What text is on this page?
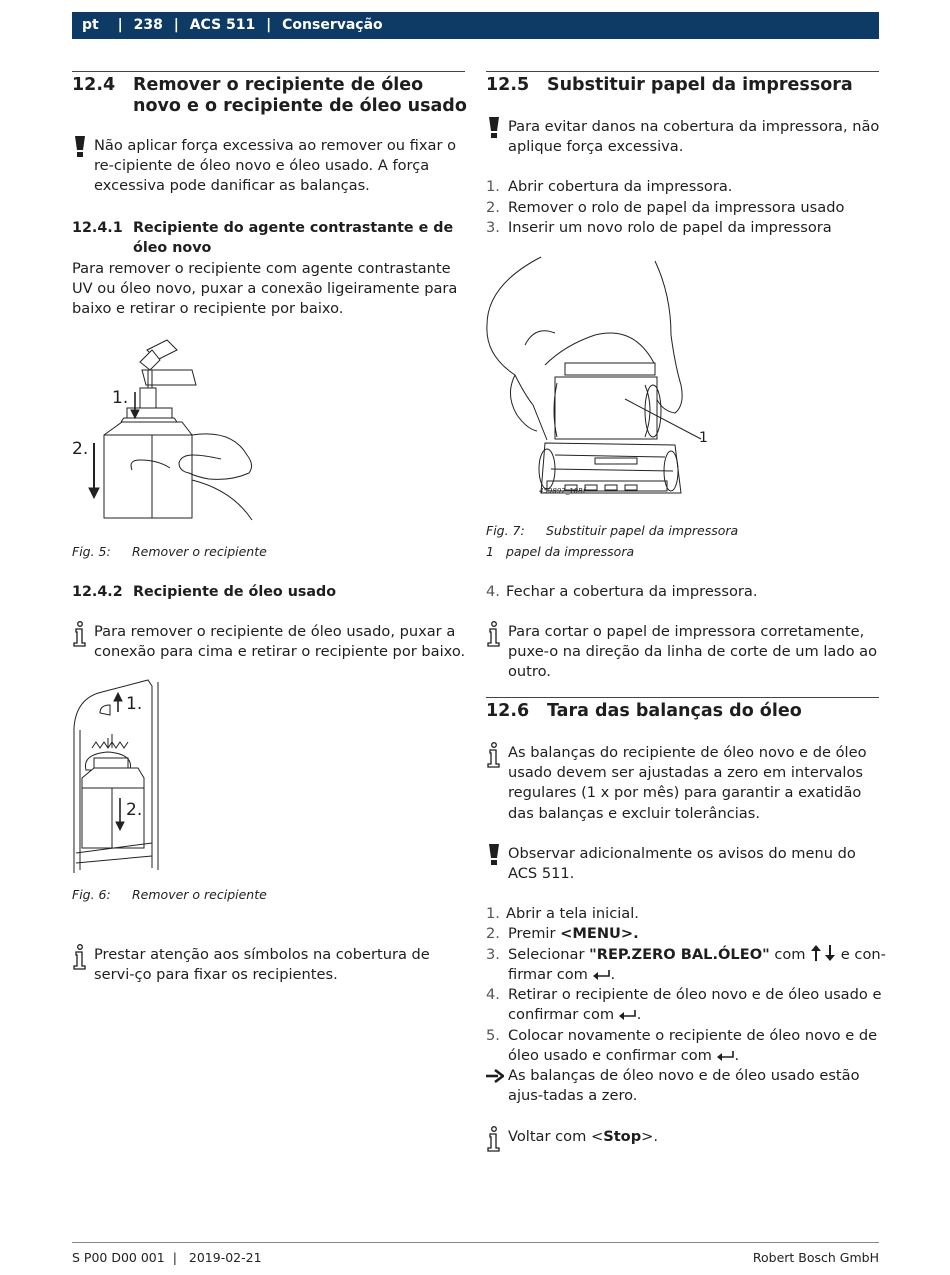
pt | 238 | ACS 511 | Conservação
12.4 Remover o recipiente de óleo novo e o recipiente de óleo usado
Não aplicar força excessiva ao remover ou fixar o re-cipiente de óleo novo e óleo usado. A força excessiva pode danificar as balanças.
12.4.1 Recipiente do agente contrastante e de óleo novo
Para remover o recipiente com agente contrastante UV ou óleo novo, puxar a conexão ligeiramente para baixo e retirar o recipiente por baixo.
1.
2.
Fig. 5: Remover o recipiente
12.4.2 Recipiente de óleo usado
Para remover o recipiente de óleo usado, puxar a conexão para cima e retirar o recipiente por baixo.
1.
2.
Fig. 6: Remover o recipiente
Prestar atenção aos símbolos na cobertura de servi-ço para fixar os recipientes.
12.5 Substituir papel da impressora
Para evitar danos na cobertura da impressora, não aplique força excessiva.
1. Abrir cobertura da impressora.
2. Remover o rolo de papel da impressora usado
3. Inserir um novo rolo de papel da impressora
1
459897_10Rf
Fig. 7: Substituir papel da impressora
1 papel da impressora
4. Fechar a cobertura da impressora.
Para cortar o papel de impressora corretamente, puxe-o na direção da linha de corte de um lado ao outro.
12.6 Tara das balanças do óleo
As balanças do recipiente de óleo novo e de óleo usado devem ser ajustadas a zero em intervalos regulares (1 x por mês) para garantir a exatidão das balanças e excluir tolerâncias.
Observar adicionalmente os avisos do menu do ACS 511.
1. Abrir a tela inicial.
2. Premir <MENU>.
3. Selecionar "REP.ZERO BAL.ÓLEO" com  e con-
firmar com .
4. Retirar o recipiente de óleo novo e de óleo usado e
confirmar com .
5. Colocar novamente o recipiente de óleo novo e de
óleo usado e confirmar com .
As balanças de óleo novo e de óleo usado estão ajus-tadas a zero.
Voltar com <Stop>.
S P00 D00 001 | 2019-02-21	Robert Bosch GmbH
